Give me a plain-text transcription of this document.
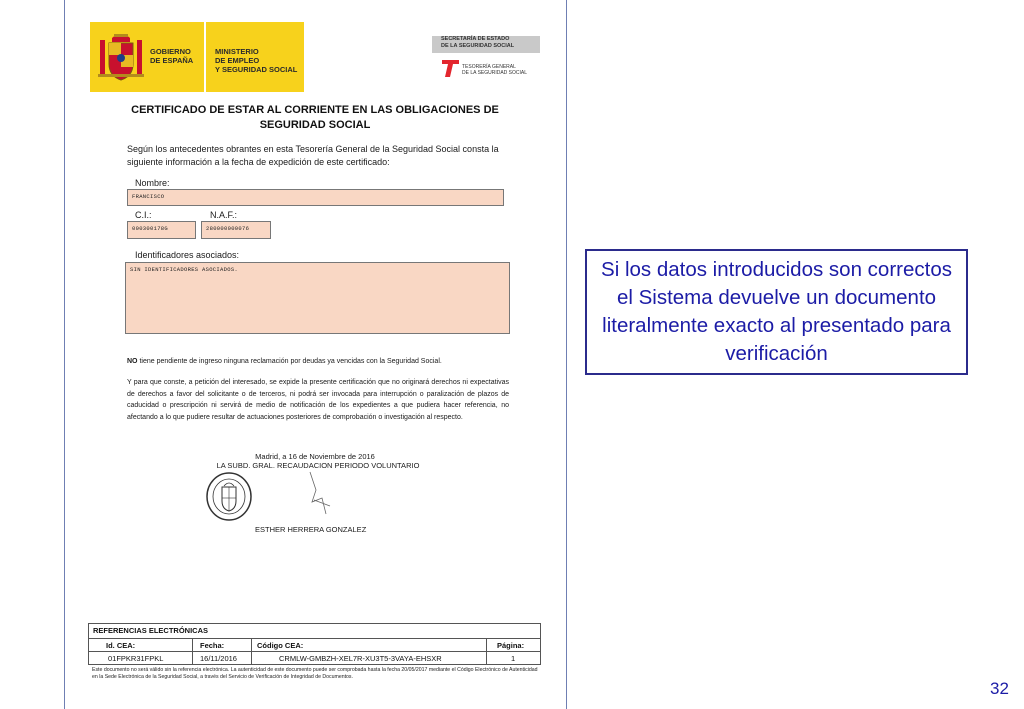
GOBIERNO
DE ESPAÑA
MINISTERIO
DE EMPLEO
Y SEGURIDAD SOCIAL
SECRETARÍA DE ESTADO
DE LA SEGURIDAD SOCIAL
TESORERÍA GENERAL
DE LA SEGURIDAD SOCIAL
CERTIFICADO DE ESTAR AL CORRIENTE EN LAS OBLIGACIONES DE
SEGURIDAD SOCIAL
Según los antecedentes obrantes en esta Tesorería General de la Seguridad Social consta la siguiente información a la fecha de expedición de este certificado:
Nombre:
FRANCISCO
C.I.:	N.A.F.:
000300178G	280000000076
Identificadores asociados:
SIN IDENTIFICADORES ASOCIADOS.
NO tiene pendiente de ingreso ninguna reclamación por deudas ya vencidas con la Seguridad Social.
Y para que conste, a petición del interesado, se expide la presente certificación que no originará derechos ni expectativas de derechos a favor del solicitante o de terceros, ni podrá ser invocada para interrupción o paralización de plazos de caducidad o prescripción ni servirá de medio de notificación de los expedientes a que pudiera hacer referencia, no afectando a lo que pudiere resultar de actuaciones posteriores de comprobación o investigación al respecto.
Madrid, a 16 de Noviembre de 2016
LA SUBD. GRAL. RECAUDACION PERIODO VOLUNTARIO
ESTHER HERRERA GONZALEZ
REFERENCIAS ELECTRÓNICAS
Id. CEA:	Fecha:	Código CEA:	Página:
01FPKR31FPKL	16/11/2016	CRMLW-GMBZH-XEL7R-XU3T5-3VAYA-EHSXR	1
Este documento no será válido sin la referencia electrónica. La autenticidad de este documento puede ser comprobada hasta la fecha 20/05/2017 mediante el Código Electrónico de Autenticidad en la Sede Electrónica de la Seguridad Social, a través del Servicio de Verificación de Integridad de Documentos.
Si los datos introducidos son correctos el Sistema devuelve un documento literalmente exacto al presentado para verificación
32
